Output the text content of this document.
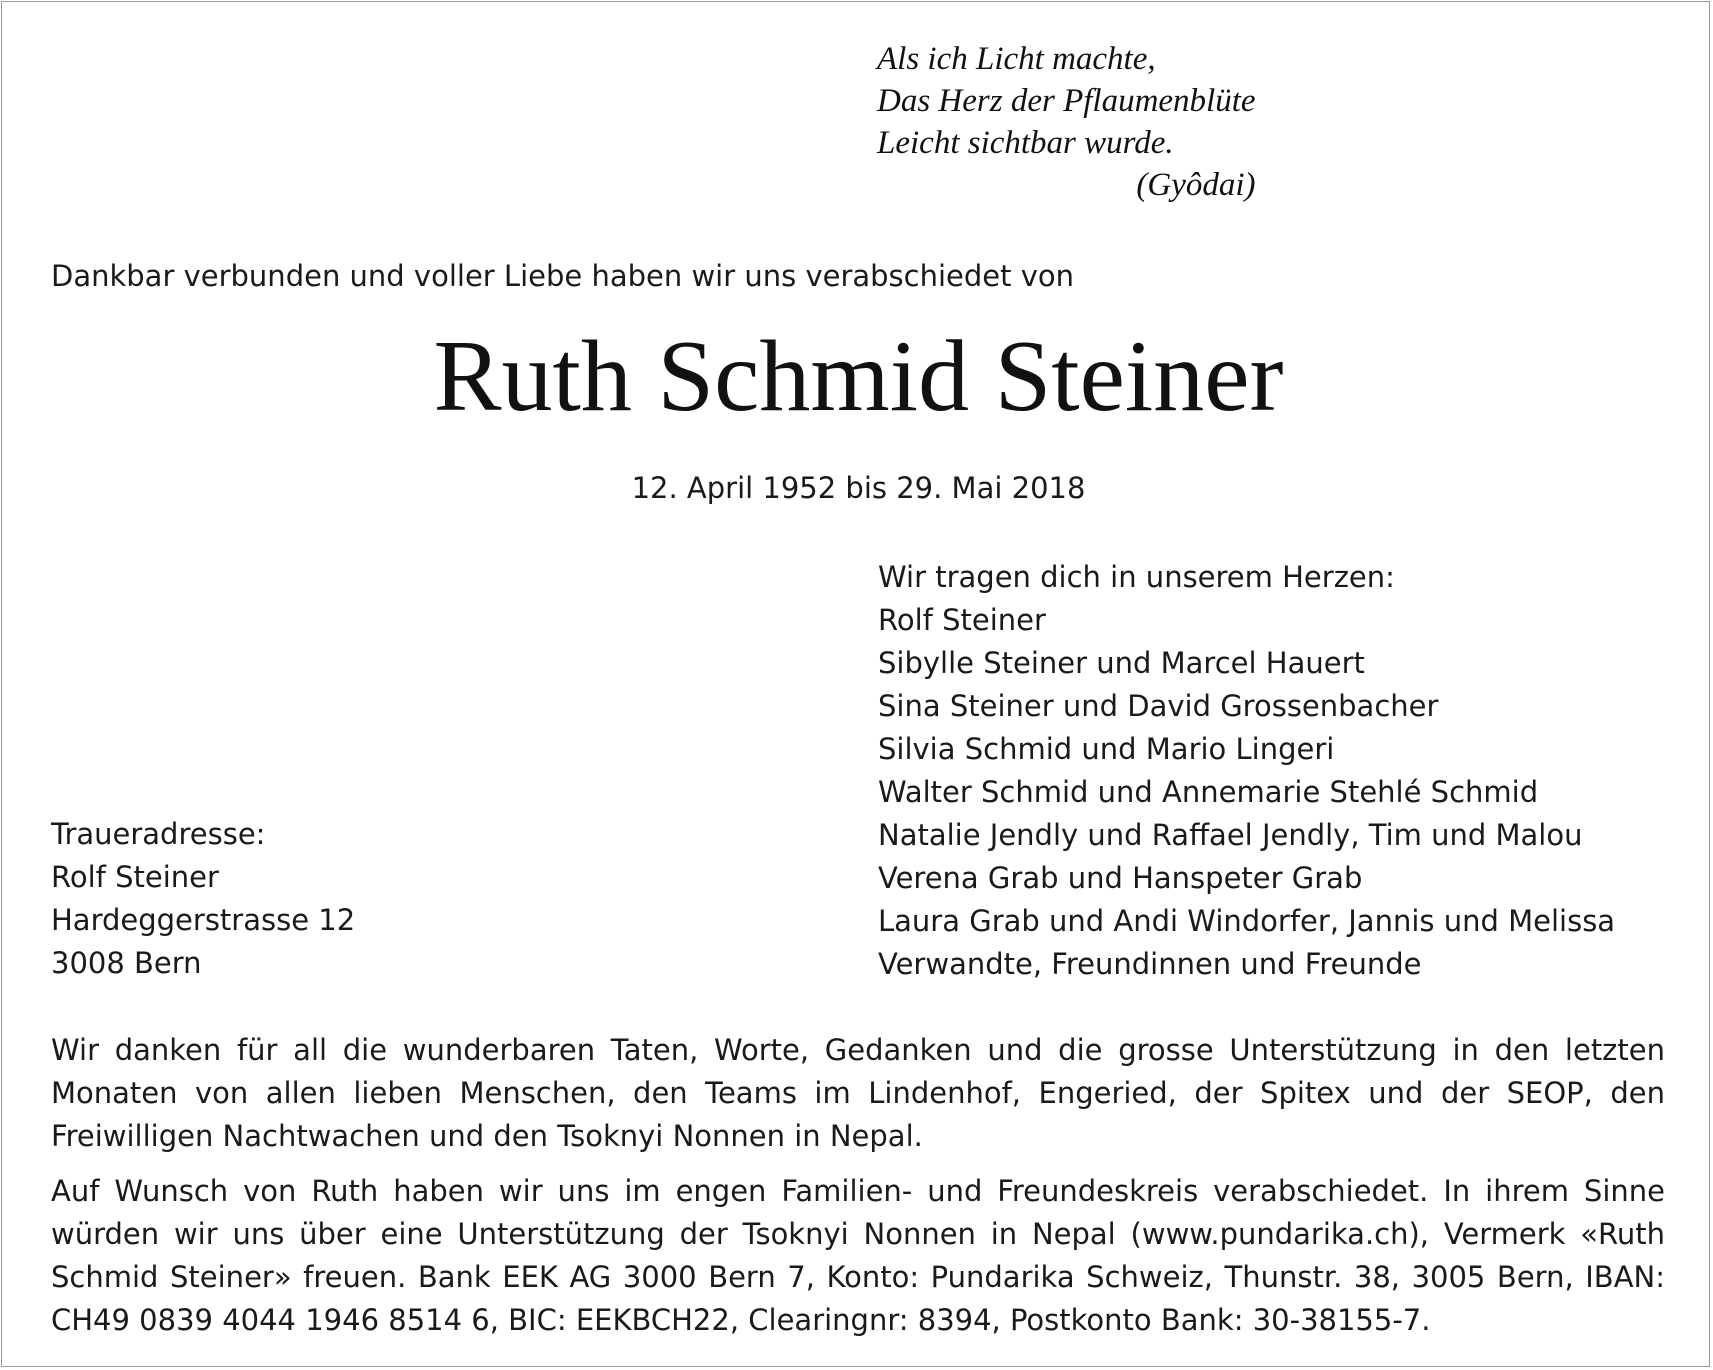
Als ich Licht machte,
Das Herz der Pflaumenblüte
Leicht sichtbar wurde.
(Gyôdai)
Dankbar verbunden und voller Liebe haben wir uns verabschiedet von
Ruth Schmid Steiner
12. April 1952 bis 29. Mai 2018
Wir tragen dich in unserem Herzen:
Rolf Steiner
Sibylle Steiner und Marcel Hauert
Sina Steiner und David Grossenbacher
Silvia Schmid und Mario Lingeri
Walter Schmid und Annemarie Stehlé Schmid
Natalie Jendly und Raffael Jendly, Tim und Malou
Verena Grab und Hanspeter Grab
Laura Grab und Andi Windorfer, Jannis und Melissa
Verwandte, Freundinnen und Freunde
Traueradresse:
Rolf Steiner
Hardeggerstrasse 12
3008 Bern
Wir danken für all die wunderbaren Taten, Worte, Gedanken und die grosse Unterstützung in den letzten Monaten von allen lieben Menschen, den Teams im Lindenhof, Engeried, der Spitex und der SEOP, den Freiwilligen Nachtwachen und den Tsoknyi Nonnen in Nepal.
Auf Wunsch von Ruth haben wir uns im engen Familien- und Freundeskreis verabschiedet. In ihrem Sinne würden wir uns über eine Unterstützung der Tsoknyi Nonnen in Nepal (www.pundarika.ch), Vermerk «Ruth Schmid Steiner» freuen. Bank EEK AG 3000 Bern 7, Konto: Pundarika Schweiz, Thunstr. 38, 3005 Bern, IBAN: CH49 0839 4044 1946 8514 6, BIC: EEKBCH22, Clearingnr: 8394, Postkonto Bank: 30-38155-7.
